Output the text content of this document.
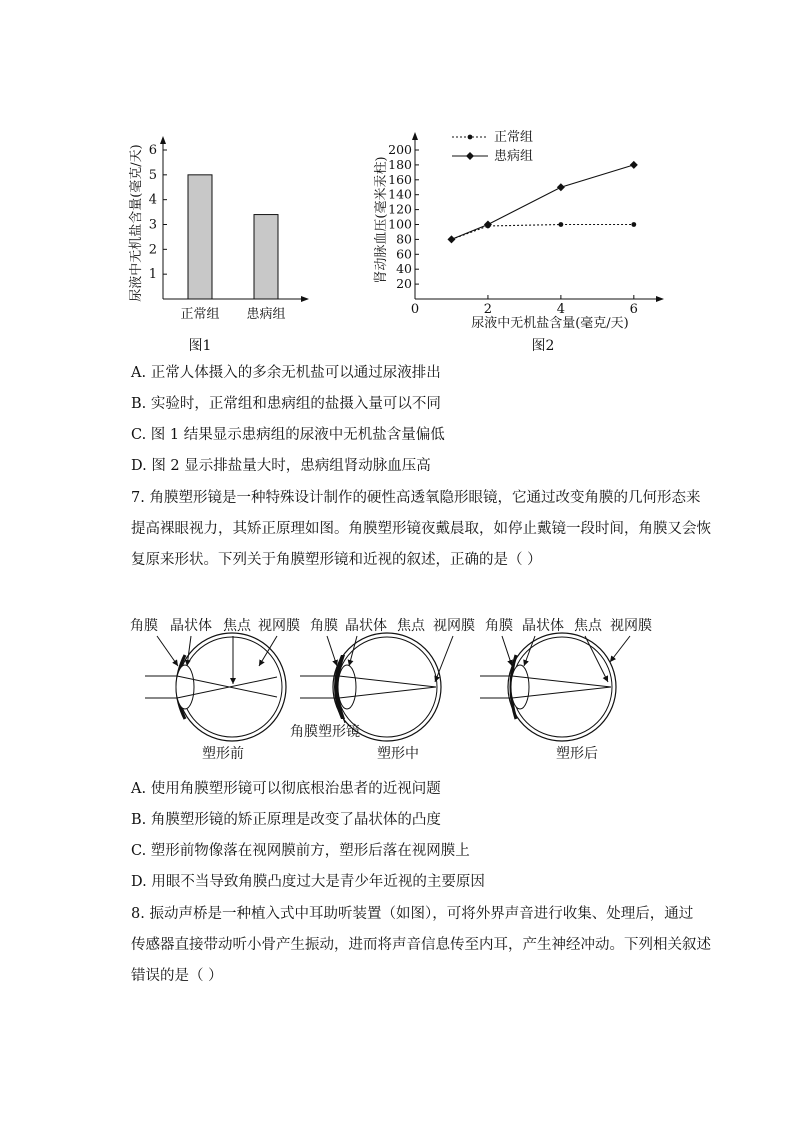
尿液中无机盐含量(毫克/天) 1
2
3
4
5
6
正常组 患病组
图1
肾动脉血压(毫米汞柱)
20
40
60
80
100
120
140
160
180
200
0	2	4	6
正常组
患病组
尿液中无机盐含量(毫克/天)
图2
A. 正常人体摄入的多余无机盐可以通过尿液排出
B. 实验时，正常组和患病组的盐摄入量可以不同
C. 图 1 结果显示患病组的尿液中无机盐含量偏低
D. 图 2 显示排盐量大时，患病组肾动脉血压高
7. 角膜塑形镜是一种特殊设计制作的硬性高透氧隐形眼镜，它通过改变角膜的几何形态来
提高裸眼视力，其矫正原理如图。角膜塑形镜夜戴晨取，如停止戴镜一段时间，角膜又会恢
复原来形状。下列关于角膜塑形镜和近视的叙述，正确的是（ ）
角膜 晶状体 焦点 视网膜
塑形前
角膜 晶状体 焦点 视网膜
角膜塑形镜
塑形中
角膜 晶状体 焦点 视网膜
塑形后
A. 使用角膜塑形镜可以彻底根治患者的近视问题
B. 角膜塑形镜的矫正原理是改变了晶状体的凸度
C. 塑形前物像落在视网膜前方，塑形后落在视网膜上
D. 用眼不当导致角膜凸度过大是青少年近视的主要原因
8. 振动声桥是一种植入式中耳助听装置（如图），可将外界声音进行收集、处理后，通过
传感器直接带动听小骨产生振动，进而将声音信息传至内耳，产生神经冲动。下列相关叙述
错误的是（ ）
